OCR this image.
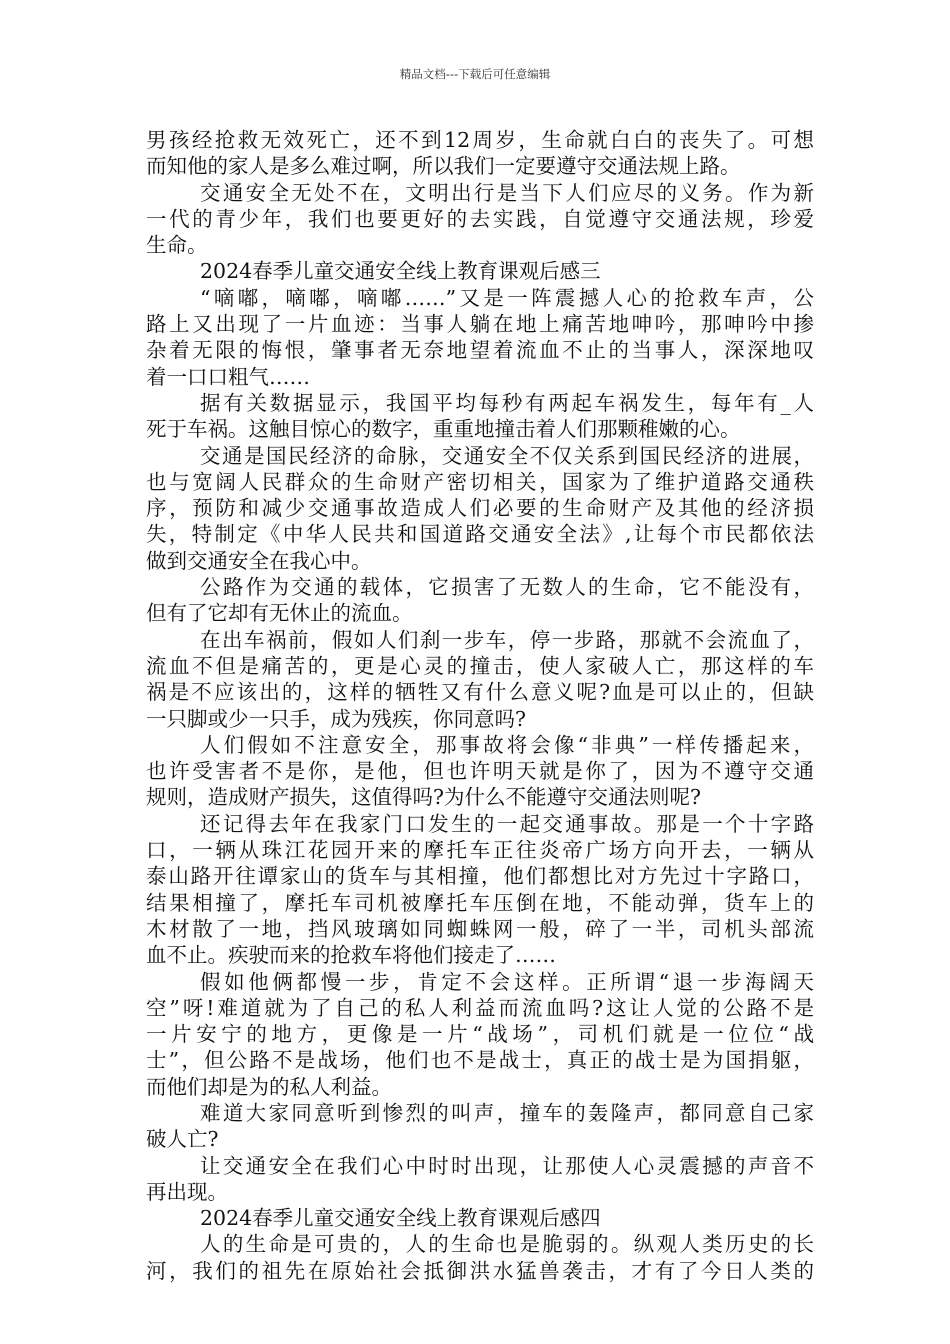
精品文档---下载后可任意编辑
男孩经抢救无效死亡，还不到12周岁，生命就白白的丧失了。可想
而知他的家人是多么难过啊，所以我们一定要遵守交通法规上路。
交通安全无处不在，文明出行是当下人们应尽的义务。作为新
一代的青少年，我们也要更好的去实践，自觉遵守交通法规，珍爱
生命。
2024春季儿童交通安全线上教育课观后感三
“嘀嘟，嘀嘟，嘀嘟……”又是一阵震撼人心的抢救车声，公
路上又出现了一片血迹：当事人躺在地上痛苦地呻吟，那呻吟中掺
杂着无限的悔恨，肇事者无奈地望着流血不止的当事人，深深地叹
着一口口粗气……
据有关数据显示，我国平均每秒有两起车祸发生，每年有_人
死于车祸。这触目惊心的数字，重重地撞击着人们那颗稚嫩的心。
交通是国民经济的命脉，交通安全不仅关系到国民经济的进展，
也与宽阔人民群众的生命财产密切相关，国家为了维护道路交通秩
序，预防和减少交通事故造成人们必要的生命财产及其他的经济损
失，特制定《中华人民共和国道路交通安全法》,让每个市民都依法
做到交通安全在我心中。
公路作为交通的载体，它损害了无数人的生命，它不能没有，
但有了它却有无休止的流血。
在出车祸前，假如人们刹一步车，停一步路，那就不会流血了，
流血不但是痛苦的，更是心灵的撞击，使人家破人亡，那这样的车
祸是不应该出的，这样的牺牲又有什么意义呢?血是可以止的，但缺
一只脚或少一只手，成为残疾，你同意吗?
人们假如不注意安全，那事故将会像“非典”一样传播起来，
也许受害者不是你，是他，但也许明天就是你了，因为不遵守交通
规则，造成财产损失，这值得吗?为什么不能遵守交通法则呢?
还记得去年在我家门口发生的一起交通事故。那是一个十字路
口，一辆从珠江花园开来的摩托车正往炎帝广场方向开去，一辆从
泰山路开往谭家山的货车与其相撞，他们都想比对方先过十字路口，
结果相撞了，摩托车司机被摩托车压倒在地，不能动弹，货车上的
木材散了一地，挡风玻璃如同蜘蛛网一般，碎了一半，司机头部流
血不止。疾驶而来的抢救车将他们接走了……
假如他俩都慢一步，肯定不会这样。正所谓“退一步海阔天
空”呀!难道就为了自己的私人利益而流血吗?这让人觉的公路不是
一片安宁的地方，更像是一片“战场”，司机们就是一位位“战
士”，但公路不是战场，他们也不是战士，真正的战士是为国捐躯，
而他们却是为的私人利益。
难道大家同意听到惨烈的叫声，撞车的轰隆声，都同意自己家
破人亡?
让交通安全在我们心中时时出现，让那使人心灵震撼的声音不
再出现。
2024春季儿童交通安全线上教育课观后感四
人的生命是可贵的，人的生命也是脆弱的。纵观人类历史的长
河，我们的祖先在原始社会抵御洪水猛兽袭击，才有了今日人类的
